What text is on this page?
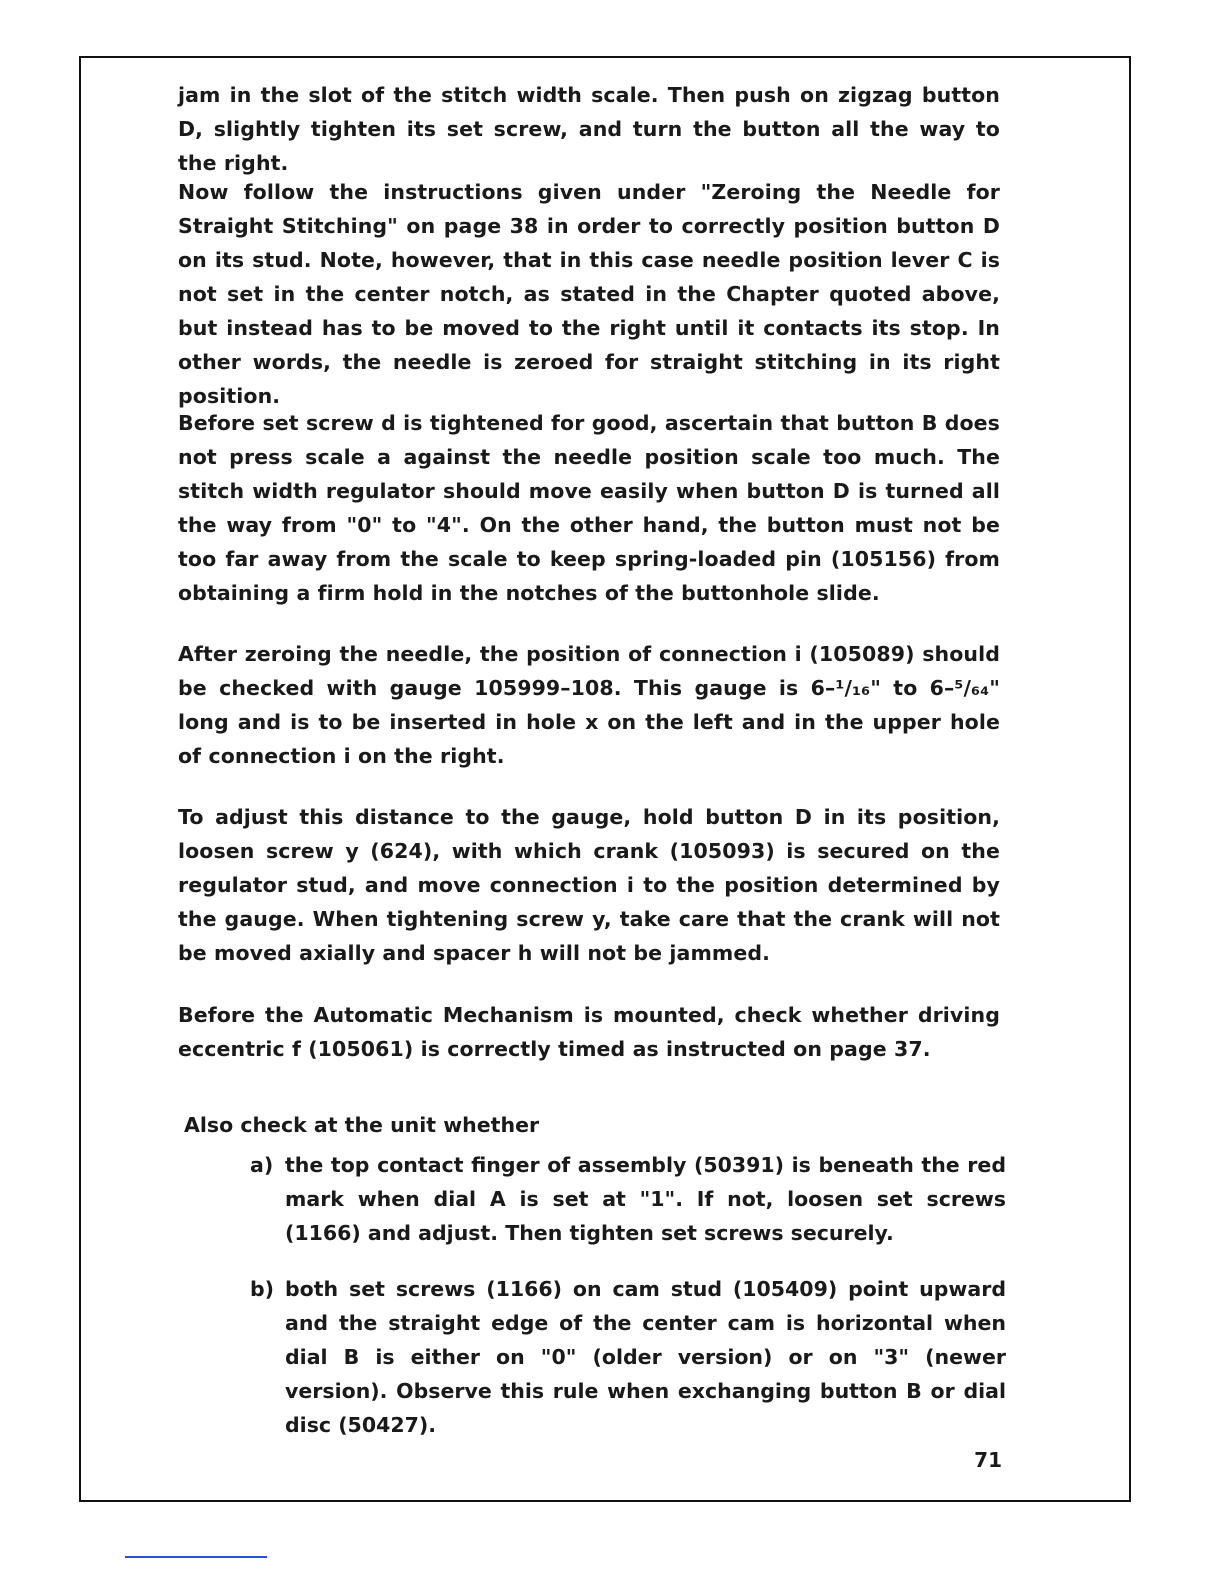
jam in the slot of the stitch width scale. Then push on zigzag button D, slightly tighten its set screw, and turn the button all the way to the right.
Now follow the instructions given under "Zeroing the Needle for Straight Stitching" on page 38 in order to correctly position button D on its stud. Note, however, that in this case needle position lever C is not set in the center notch, as stated in the Chapter quoted above, but instead has to be moved to the right until it contacts its stop. In other words, the needle is zeroed for straight stitching in its right position.
Before set screw d is tightened for good, ascertain that button B does not press scale a against the needle position scale too much. The stitch width regulator should move easily when button D is turned all the way from "0" to "4". On the other hand, the button must not be too far away from the scale to keep spring-loaded pin (105156) from obtaining a firm hold in the notches of the buttonhole slide.
After zeroing the needle, the position of connection i (105089) should be checked with gauge 105999–108. This gauge is 6–¹/₁₆" to 6–⁵/₆₄" long and is to be inserted in hole x on the left and in the upper hole of connection i on the right.
To adjust this distance to the gauge, hold button D in its position, loosen screw y (624), with which crank (105093) is secured on the regulator stud, and move connection i to the position determined by the gauge. When tightening screw y, take care that the crank will not be moved axially and spacer h will not be jammed.
Before the Automatic Mechanism is mounted, check whether driving eccentric f (105061) is correctly timed as instructed on page 37.
Also check at the unit whether
a) the top contact finger of assembly (50391) is beneath the red mark when dial A is set at "1". If not, loosen set screws (1166) and adjust. Then tighten set screws securely.
b) both set screws (1166) on cam stud (105409) point upward and the straight edge of the center cam is horizontal when dial B is either on "0" (older version) or on "3" (newer version). Observe this rule when exchanging button B or dial disc (50427).
71
